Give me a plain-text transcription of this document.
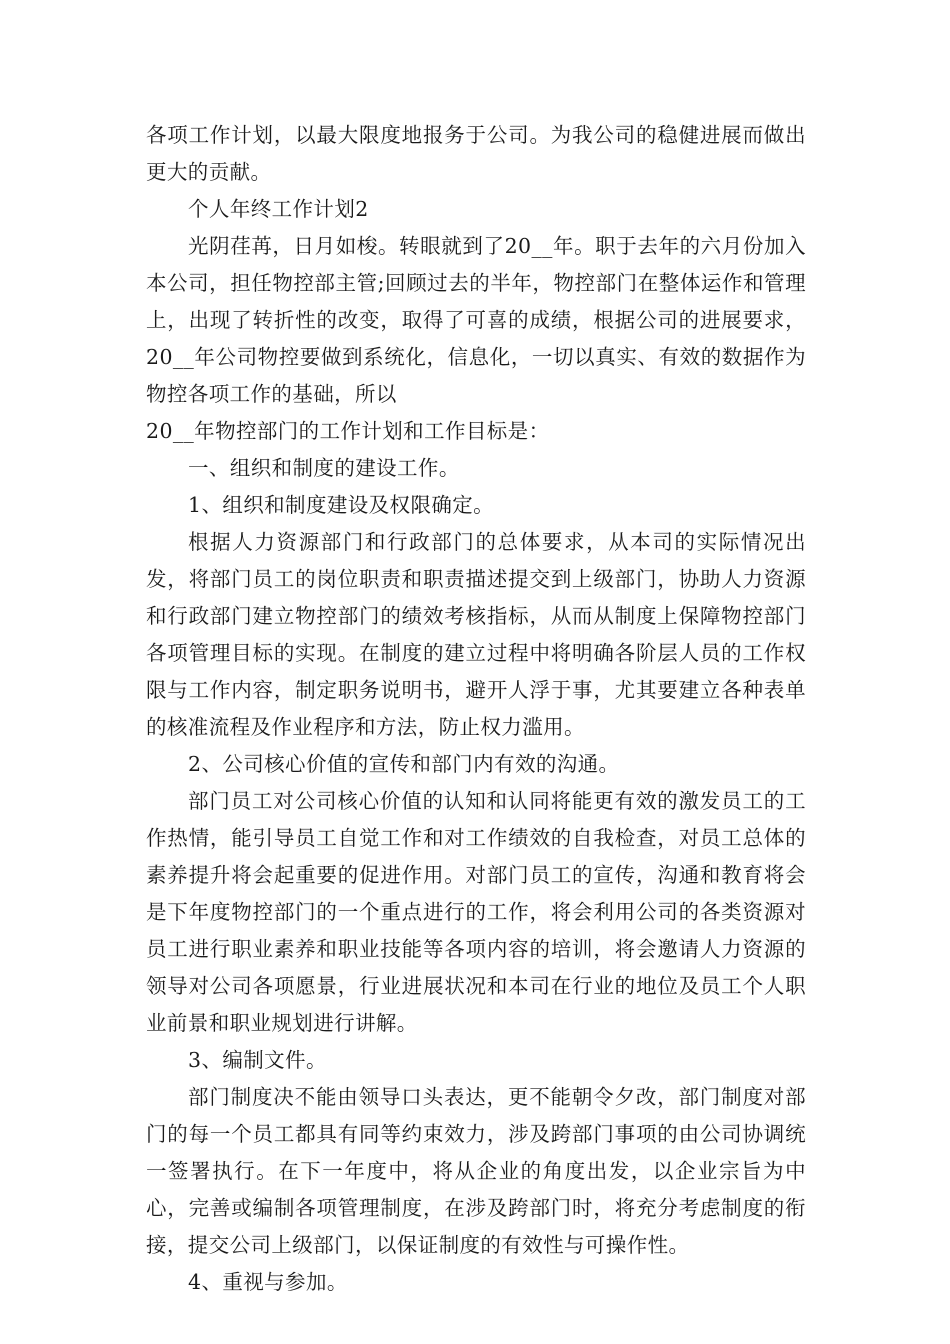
各项工作计划，以最大限度地报务于公司。为我公司的稳健进展而做出更大的贡献。

个人年终工作计划2

光阴荏苒，日月如梭。转眼就到了20__年。职于去年的六月份加入本公司，担任物控部主管;回顾过去的半年，物控部门在整体运作和管理上，出现了转折性的改变，取得了可喜的成绩，根据公司的进展要求，20__年公司物控要做到系统化，信息化，一切以真实、有效的数据作为物控各项工作的基础，所以

20__年物控部门的工作计划和工作目标是：

一、组织和制度的建设工作。

1、组织和制度建设及权限确定。

根据人力资源部门和行政部门的总体要求，从本司的实际情况出发，将部门员工的岗位职责和职责描述提交到上级部门，协助人力资源和行政部门建立物控部门的绩效考核指标，从而从制度上保障物控部门各项管理目标的实现。在制度的建立过程中将明确各阶层人员的工作权限与工作内容，制定职务说明书，避开人浮于事，尤其要建立各种表单的核准流程及作业程序和方法，防止权力滥用。

2、公司核心价值的宣传和部门内有效的沟通。

部门员工对公司核心价值的认知和认同将能更有效的激发员工的工作热情，能引导员工自觉工作和对工作绩效的自我检查，对员工总体的素养提升将会起重要的促进作用。对部门员工的宣传，沟通和教育将会是下年度物控部门的一个重点进行的工作，将会利用公司的各类资源对员工进行职业素养和职业技能等各项内容的培训，将会邀请人力资源的领导对公司各项愿景，行业进展状况和本司在行业的地位及员工个人职业前景和职业规划进行讲解。

3、编制文件。

部门制度决不能由领导口头表达，更不能朝令夕改，部门制度对部门的每一个员工都具有同等约束效力，涉及跨部门事项的由公司协调统一签署执行。在下一年度中，将从企业的角度出发，以企业宗旨为中心，完善或编制各项管理制度，在涉及跨部门时，将充分考虑制度的衔接，提交公司上级部门，以保证制度的有效性与可操作性。

4、重视与参加。
